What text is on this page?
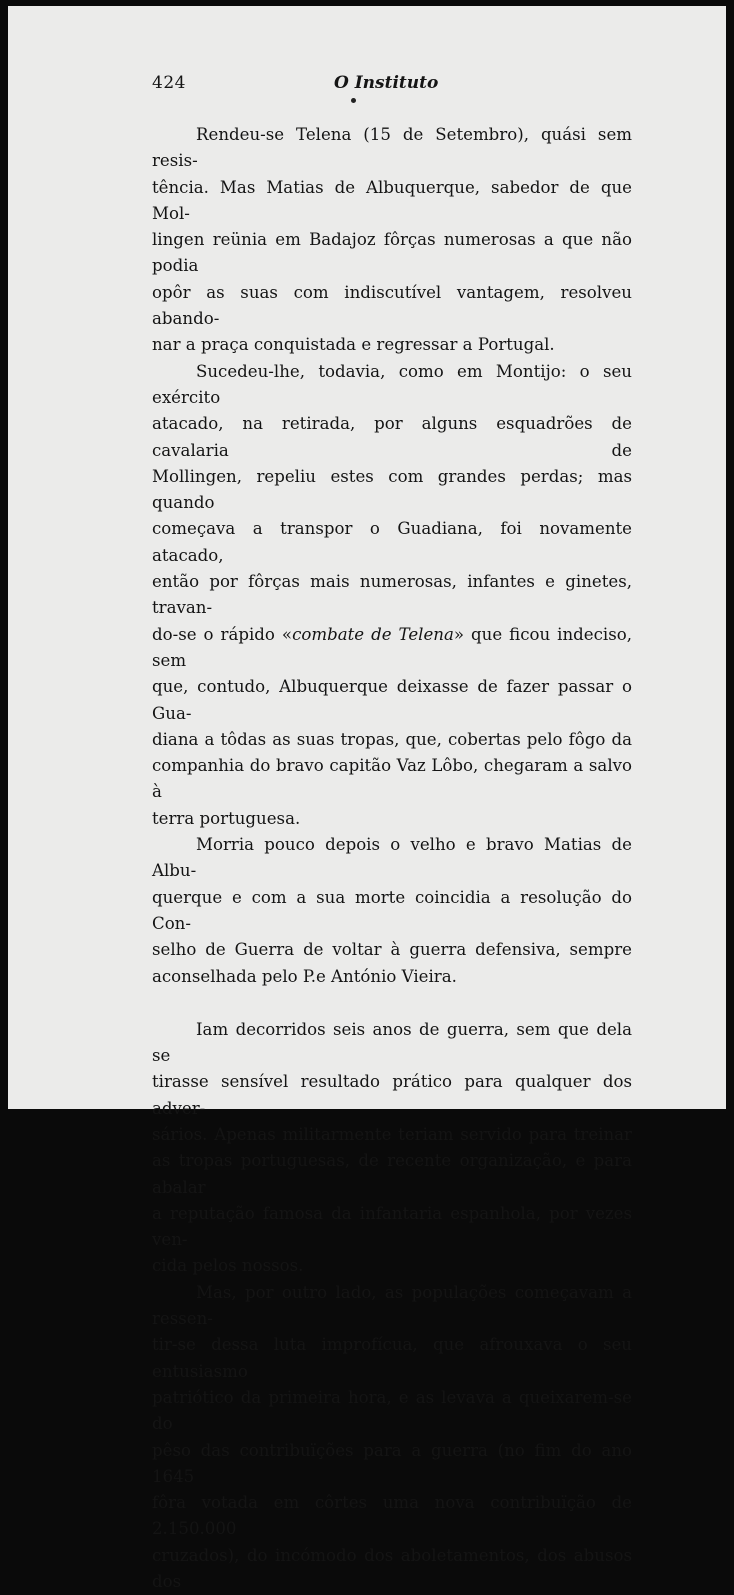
424	O Instituto

Rendeu-se Telena (15 de Setembro), quási sem resis-
tência. Mas Matias de Albuquerque, sabedor de que Mol-
lingen reünia em Badajoz fôrças numerosas a que não podia
opôr as suas com indiscutível vantagem, resolveu abando-
nar a praça conquistada e regressar a Portugal.

Sucedeu-lhe, todavia, como em Montijo: o seu exército
atacado, na retirada, por alguns esquadrões de cavalaria de
Mollingen, repeliu estes com grandes perdas; mas quando
começava a transpor o Guadiana, foi novamente atacado,
então por fôrças mais numerosas, infantes e ginetes, travan-
do-se o rápido «combate de Telena» que ficou indeciso, sem
que, contudo, Albuquerque deixasse de fazer passar o Gua-
diana a tôdas as suas tropas, que, cobertas pelo fôgo da
companhia do bravo capitão Vaz Lôbo, chegaram a salvo à
terra portuguesa.

Morria pouco depois o velho e bravo Matias de Albu-
querque e com a sua morte coincidia a resolução do Con-
selho de Guerra de voltar à guerra defensiva, sempre
aconselhada pelo P.e António Vieira.

Iam decorridos seis anos de guerra, sem que dela se
tirasse sensível resultado prático para qualquer dos adver-
sários. Apenas militarmente teriam servido para treinar
as tropas portuguesas, de recente organização, e para abalar
a reputação famosa da infantaria espanhola, por vezes ven-
cida pelos nossos.

Mas, por outro lado, as populações começavam a ressen-
tir-se dessa luta improfícua, que afrouxava o seu entusiasmo
patriótico da primeira hora, e as levava a queixarem-se do
pêso das contribuïções para a guerra (no fim do ano 1645
fôra votada em côrtes uma nova contribuïção de 2.150.000
cruzados), do incómodo dos aboletamentos, dos abusos dos
